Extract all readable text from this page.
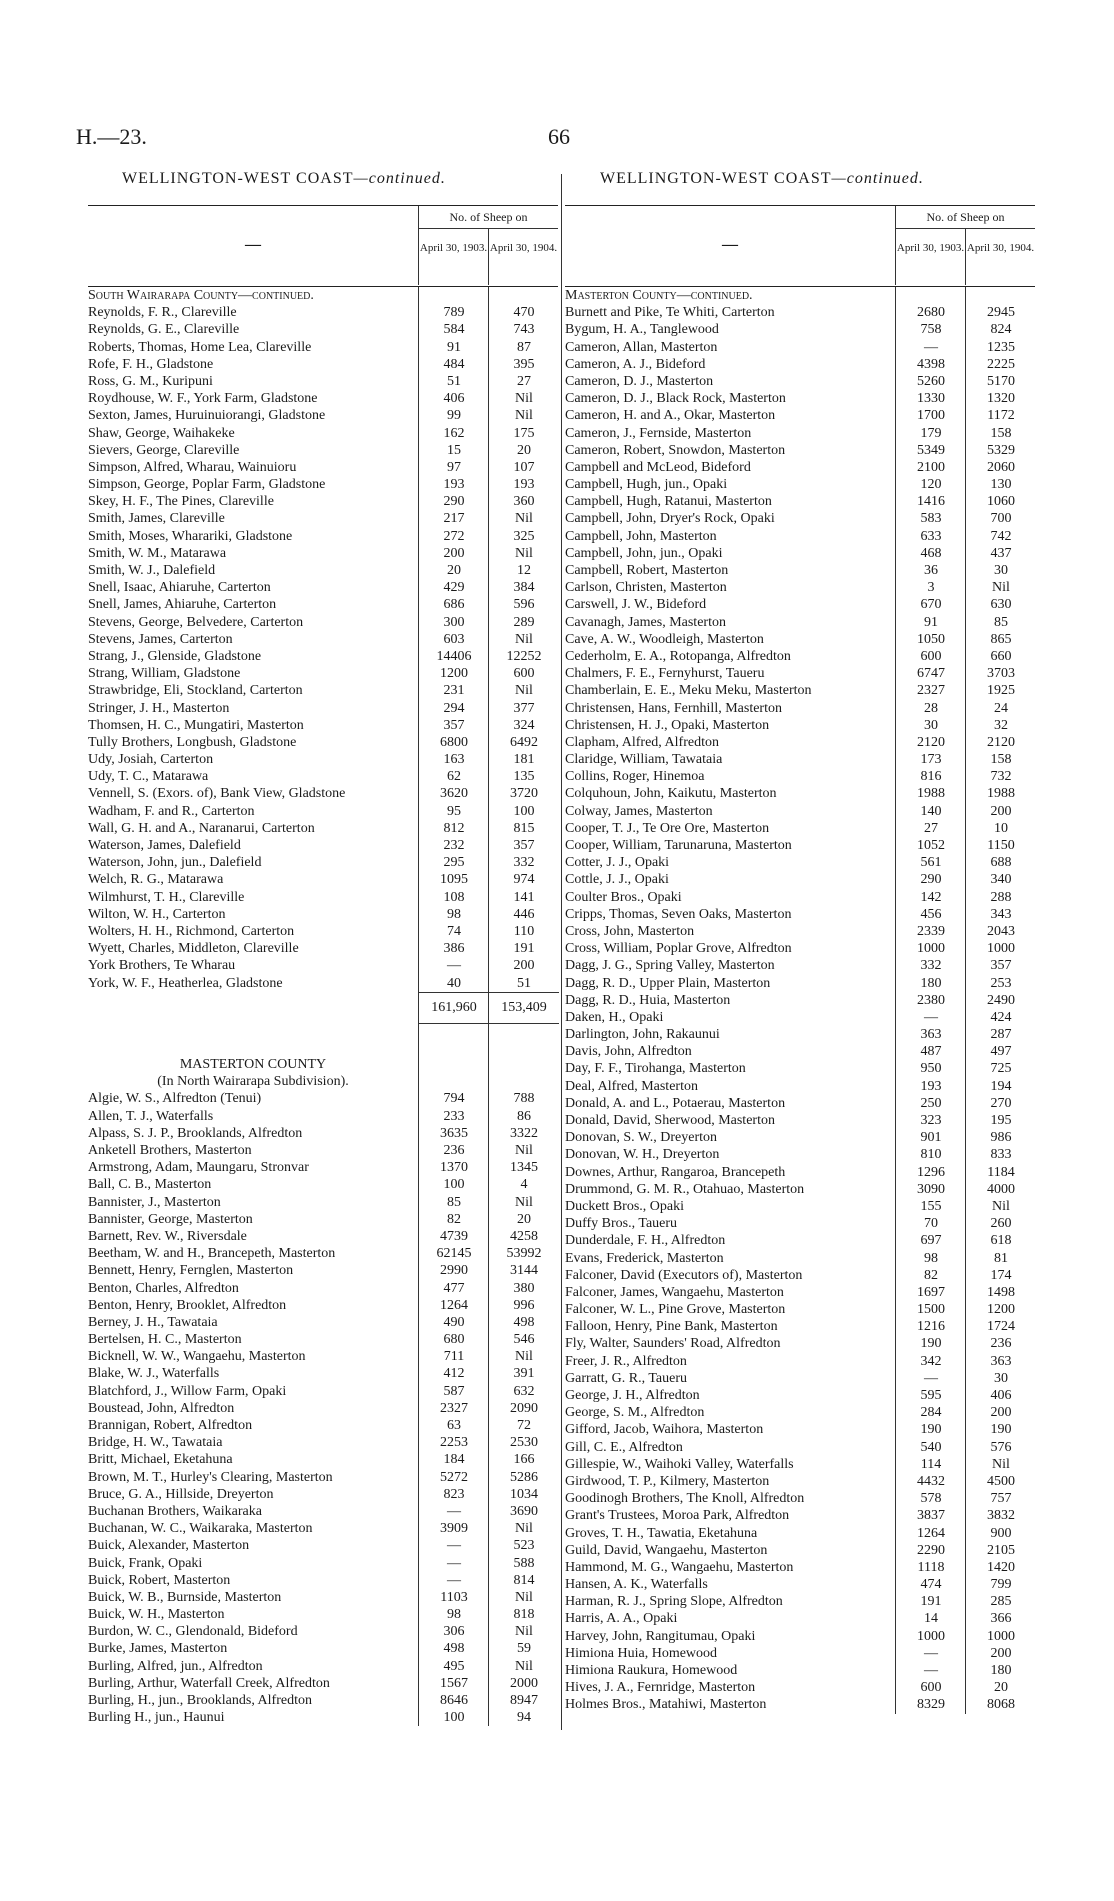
H.—23.	66
WELLINGTON-WEST COAST—continued.	WELLINGTON-WEST COAST—continued.
—
No. of Sheep on
April 30, 1903. April 30, 1904.
South Wairarapa County—continued.
Reynolds, F. R., Clareville	789	470
Reynolds, G. E., Clareville	584	743
Roberts, Thomas, Home Lea, Clareville	91	87
Rofe, F. H., Gladstone	484	395
Ross, G. M., Kuripuni	51	27
Roydhouse, W. F., York Farm, Gladstone	406	Nil
Sexton, James, Huruinuiorangi, Gladstone	99	Nil
Shaw, George, Waihakeke	162	175
Sievers, George, Clareville	15	20
Simpson, Alfred, Wharau, Wainuioru	97	107
Simpson, George, Poplar Farm, Gladstone	193	193
Skey, H. F., The Pines, Clareville	290	360
Smith, James, Clareville	217	Nil
Smith, Moses, Wharariki, Gladstone	272	325
Smith, W. M., Matarawa	200	Nil
Smith, W. J., Dalefield	20	12
Snell, Isaac, Ahiaruhe, Carterton	429	384
Snell, James, Ahiaruhe, Carterton	686	596
Stevens, George, Belvedere, Carterton	300	289
Stevens, James, Carterton	603	Nil
Strang, J., Glenside, Gladstone	14406	12252
Strang, William, Gladstone	1200	600
Strawbridge, Eli, Stockland, Carterton	231	Nil
Stringer, J. H., Masterton	294	377
Thomsen, H. C., Mungatiri, Masterton	357	324
Tully Brothers, Longbush, Gladstone	6800	6492
Udy, Josiah, Carterton	163	181
Udy, T. C., Matarawa	62	135
Vennell, S. (Exors. of), Bank View, Gladstone	3620	3720
Wadham, F. and R., Carterton	95	100
Wall, G. H. and A., Naranarui, Carterton	812	815
Waterson, James, Dalefield	232	357
Waterson, John, jun., Dalefield	295	332
Welch, R. G., Matarawa	1095	974
Wilmhurst, T. H., Clareville	108	141
Wilton, W. H., Carterton	98	446
Wolters, H. H., Richmond, Carterton	74	110
Wyett, Charles, Middleton, Clareville	386	191
York Brothers, Te Wharau	—	200
York, W. F., Heatherlea, Gladstone	40	51
161,960	153,409
MASTERTON COUNTY
(In North Wairarapa Subdivision).
Algie, W. S., Alfredton (Tenui)	794	788
Allen, T. J., Waterfalls	233	86
Alpass, S. J. P., Brooklands, Alfredton	3635	3322
Anketell Brothers, Masterton	236	Nil
Armstrong, Adam, Maungaru, Stronvar	1370	1345
Ball, C. B., Masterton	100	4
Bannister, J., Masterton	85	Nil
Bannister, George, Masterton	82	20
Barnett, Rev. W., Riversdale	4739	4258
Beetham, W. and H., Brancepeth, Masterton	62145	53992
Bennett, Henry, Fernglen, Masterton	2990	3144
Benton, Charles, Alfredton	477	380
Benton, Henry, Brooklet, Alfredton	1264	996
Berney, J. H., Tawataia	490	498
Bertelsen, H. C., Masterton	680	546
Bicknell, W. W., Wangaehu, Masterton	711	Nil
Blake, W. J., Waterfalls	412	391
Blatchford, J., Willow Farm, Opaki	587	632
Boustead, John, Alfredton	2327	2090
Brannigan, Robert, Alfredton	63	72
Bridge, H. W., Tawataia	2253	2530
Britt, Michael, Eketahuna	184	166
Brown, M. T., Hurley's Clearing, Masterton	5272	5286
Bruce, G. A., Hillside, Dreyerton	823	1034
Buchanan Brothers, Waikaraka	—	3690
Buchanan, W. C., Waikaraka, Masterton	3909	Nil
Buick, Alexander, Masterton	—	523
Buick, Frank, Opaki	—	588
Buick, Robert, Masterton	—	814
Buick, W. B., Burnside, Masterton	1103	Nil
Buick, W. H., Masterton	98	818
Burdon, W. C., Glendonald, Bideford	306	Nil
Burke, James, Masterton	498	59
Burling, Alfred, jun., Alfredton	495	Nil
Burling, Arthur, Waterfall Creek, Alfredton	1567	2000
Burling, H., jun., Brooklands, Alfredton	8646	8947
Burling H., jun., Haunui	100	94
—
No. of Sheep on
April 30, 1903. April 30, 1904.
Masterton County—continued.
Burnett and Pike, Te Whiti, Carterton	2680	2945
Bygum, H. A., Tanglewood	758	824
Cameron, Allan, Masterton	—	1235
Cameron, A. J., Bideford	4398	2225
Cameron, D. J., Masterton	5260	5170
Cameron, D. J., Black Rock, Masterton	1330	1320
Cameron, H. and A., Okar, Masterton	1700	1172
Cameron, J., Fernside, Masterton	179	158
Cameron, Robert, Snowdon, Masterton	5349	5329
Campbell and McLeod, Bideford	2100	2060
Campbell, Hugh, jun., Opaki	120	130
Campbell, Hugh, Ratanui, Masterton	1416	1060
Campbell, John, Dryer's Rock, Opaki	583	700
Campbell, John, Masterton	633	742
Campbell, John, jun., Opaki	468	437
Campbell, Robert, Masterton	36	30
Carlson, Christen, Masterton	3	Nil
Carswell, J. W., Bideford	670	630
Cavanagh, James, Masterton	91	85
Cave, A. W., Woodleigh, Masterton	1050	865
Cederholm, E. A., Rotopanga, Alfredton	600	660
Chalmers, F. E., Fernyhurst, Taueru	6747	3703
Chamberlain, E. E., Meku Meku, Masterton	2327	1925
Christensen, Hans, Fernhill, Masterton	28	24
Christensen, H. J., Opaki, Masterton	30	32
Clapham, Alfred, Alfredton	2120	2120
Claridge, William, Tawataia	173	158
Collins, Roger, Hinemoa	816	732
Colquhoun, John, Kaikutu, Masterton	1988	1988
Colway, James, Masterton	140	200
Cooper, T. J., Te Ore Ore, Masterton	27	10
Cooper, William, Tarunaruna, Masterton	1052	1150
Cotter, J. J., Opaki	561	688
Cottle, J. J., Opaki	290	340
Coulter Bros., Opaki	142	288
Cripps, Thomas, Seven Oaks, Masterton	456	343
Cross, John, Masterton	2339	2043
Cross, William, Poplar Grove, Alfredton	1000	1000
Dagg, J. G., Spring Valley, Masterton	332	357
Dagg, R. D., Upper Plain, Masterton	180	253
Dagg, R. D., Huia, Masterton	2380	2490
Daken, H., Opaki	—	424
Darlington, John, Rakaunui	363	287
Davis, John, Alfredton	487	497
Day, F. F., Tirohanga, Masterton	950	725
Deal, Alfred, Masterton	193	194
Donald, A. and L., Potaerau, Masterton	250	270
Donald, David, Sherwood, Masterton	323	195
Donovan, S. W., Dreyerton	901	986
Donovan, W. H., Dreyerton	810	833
Downes, Arthur, Rangaroa, Brancepeth	1296	1184
Drummond, G. M. R., Otahuao, Masterton	3090	4000
Duckett Bros., Opaki	155	Nil
Duffy Bros., Taueru	70	260
Dunderdale, F. H., Alfredton	697	618
Evans, Frederick, Masterton	98	81
Falconer, David (Executors of), Masterton	82	174
Falconer, James, Wangaehu, Masterton	1697	1498
Falconer, W. L., Pine Grove, Masterton	1500	1200
Falloon, Henry, Pine Bank, Masterton	1216	1724
Fly, Walter, Saunders' Road, Alfredton	190	236
Freer, J. R., Alfredton	342	363
Garratt, G. R., Taueru	—	30
George, J. H., Alfredton	595	406
George, S. M., Alfredton	284	200
Gifford, Jacob, Waihora, Masterton	190	190
Gill, C. E., Alfredton	540	576
Gillespie, W., Waihoki Valley, Waterfalls	114	Nil
Girdwood, T. P., Kilmery, Masterton	4432	4500
Goodinogh Brothers, The Knoll, Alfredton	578	757
Grant's Trustees, Moroa Park, Alfredton	3837	3832
Groves, T. H., Tawatia, Eketahuna	1264	900
Guild, David, Wangaehu, Masterton	2290	2105
Hammond, M. G., Wangaehu, Masterton	1118	1420
Hansen, A. K., Waterfalls	474	799
Harman, R. J., Spring Slope, Alfredton	191	285
Harris, A. A., Opaki	14	366
Harvey, John, Rangitumau, Opaki	1000	1000
Himiona Huia, Homewood	—	200
Himiona Raukura, Homewood	—	180
Hives, J. A., Fernridge, Masterton	600	20
Holmes Bros., Matahiwi, Masterton	8329	8068
